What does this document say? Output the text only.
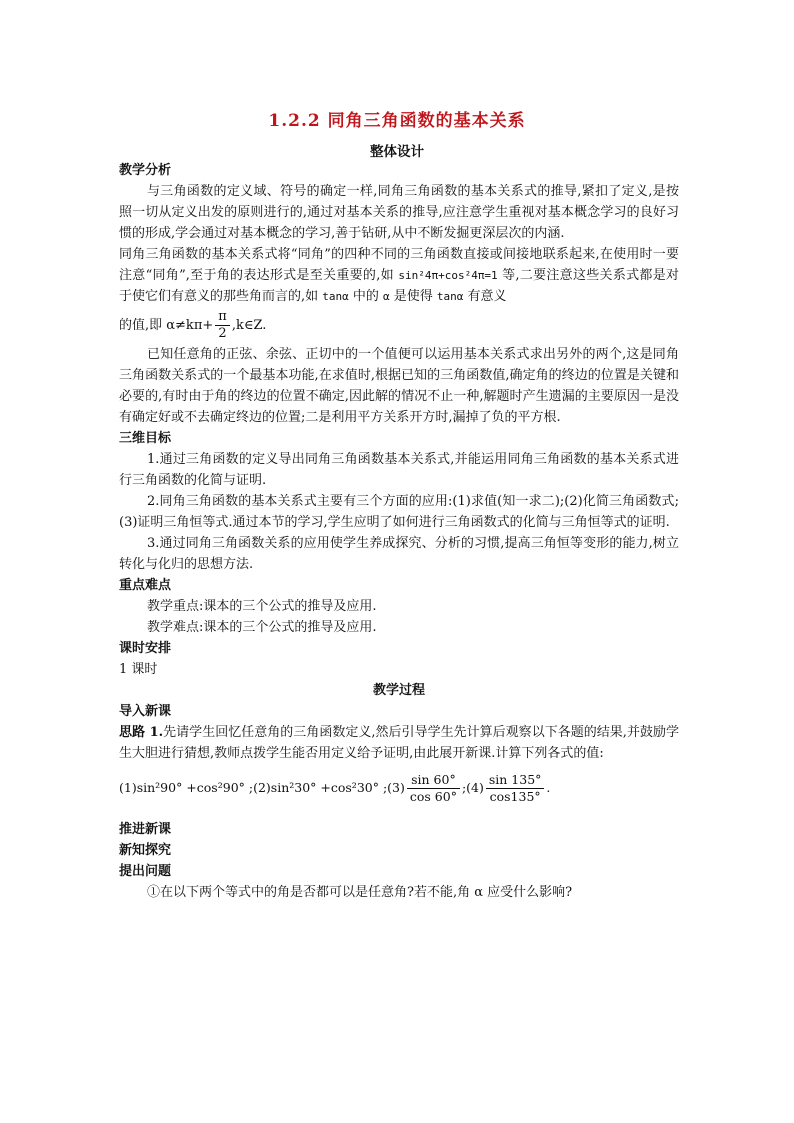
1.2.2 同角三角函数的基本关系
整体设计

教学分析

与三角函数的定义域、符号的确定一样,同角三角函数的基本关系式的推导,紧扣了定义,是按照一切从定义出发的原则进行的,通过对基本关系的推导,应注意学生重视对基本概念学习的良好习惯的形成,学会通过对基本概念的学习,善于钻研,从中不断发掘更深层次的内涵.

同角三角函数的基本关系式将“同角”的四种不同的三角函数直接或间接地联系起来,在使用时一要注意“同角”,至于角的表达形式是至关重要的,如 sin²4π+cos²4π=1 等,二要注意这些关系式都是对于使它们有意义的那些角而言的,如 tanα 中的 α 是使得 tanα 有意义

的值,即 $\alpha\ne k\pi+ \frac{\pi}{2}$ ,k∈Z.

已知任意角的正弦、余弦、正切中的一个值便可以运用基本关系式求出另外的两个,这是同角三角函数关系式的一个最基本功能,在求值时,根据已知的三角函数值,确定角的终边的位置是关键和必要的,有时由于角的终边的位置不确定,因此解的情况不止一种,解题时产生遗漏的主要原因一是没有确定好或不去确定终边的位置;二是利用平方关系开方时,漏掉了负的平方根.

三维目标

1.通过三角函数的定义导出同角三角函数基本关系式,并能运用同角三角函数的基本关系式进行三角函数的化简与证明.

2.同角三角函数的基本关系式主要有三个方面的应用:(1)求值(知一求二);(2)化简三角函数式;(3)证明三角恒等式.通过本节的学习,学生应明了如何进行三角函数式的化简与三角恒等式的证明.

3.通过同角三角函数关系的应用使学生养成探究、分析的习惯,提高三角恒等变形的能力,树立转化与化归的思想方法.

重点难点

教学重点:课本的三个公式的推导及应用.

教学难点:课本的三个公式的推导及应用.

课时安排

1 课时

教学过程

导入新课

思路 1.先请学生回忆任意角的三角函数定义,然后引导学生先计算后观察以下各题的结果,并鼓励学生大胆进行猜想,教师点拨学生能否用定义给予证明,由此展开新课.计算下列各式的值:

(1)sin²90° +cos²90° ;(2)sin²30° +cos²30° ;(3) $\frac{\sin 60^\circ}{\cos 60^\circ}$ ;(4) $\frac{\sin 135^\circ}{\cos 135^\circ}$ .

推进新课

新知探究

提出问题

①在以下两个等式中的角是否都可以是任意角?若不能,角 α 应受什么影响?
